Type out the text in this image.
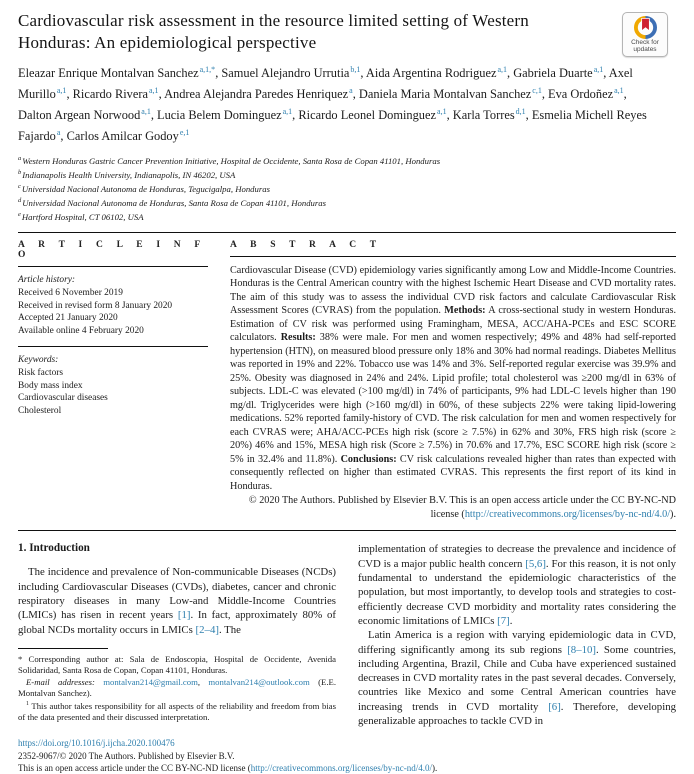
Cardiovascular risk assessment in the resource limited setting of Western Honduras: An epidemiological perspective	Check for updates

Eleazar Enrique Montalvan Sanchez$^{a,1,*}$, Samuel Alejandro Urrutia$^{b,1}$, Aida Argentina Rodriguez$^{a,1}$, Gabriela Duarte$^{a,1}$, Axel Murillo$^{a,1}$, Ricardo Rivera$^{a,1}$, Andrea Alejandra Paredes Henriquez$^a$, Daniela Maria Montalvan Sanchez$^{c,1}$, Eva Ordoñez$^{a,1}$, Dalton Argean Norwood$^{a,1}$, Lucia Belem Dominguez$^{a,1}$, Ricardo Leonel Dominguez$^{a,1}$, Karla Torres$^{d,1}$, Esmelia Michell Reyes Fajardo$^a$, Carlos Amilcar Godoy$^{e,1}$

$^a$Western Honduras Gastric Cancer Prevention Initiative, Hospital de Occidente, Santa Rosa de Copan 41101, Honduras
$^b$Indianapolis Health University, Indianapolis, IN 46202, USA
$^c$Universidad Nacional Autonoma de Honduras, Tegucigalpa, Honduras
$^d$Universidad Nacional Autonoma de Honduras, Santa Rosa de Copan 41101, Honduras
$^e$Hartford Hospital, CT 06102, USA
A R T I C L E I N F O
Article history:
Received 6 November 2019
Received in revised form 8 January 2020
Accepted 21 January 2020
Available online 4 February 2020
Keywords:
Risk factors
Body mass index
Cardiovascular diseases
Cholesterol
A B S T R A C T

Cardiovascular Disease (CVD) epidemiology varies significantly among Low and Middle-Income Countries. Honduras is the Central American country with the highest Ischemic Heart Disease and CVD mortality rates. The aim of this study was to assess the individual CVD risk factors and calculate Cardiovascular Risk Assessment Scores (CVRAS) from the population. Methods: A cross-sectional study in western Honduras. Estimation of CV risk was performed using Framingham, MESA, ACC/AHA-PCEs and ESC SCORE calculators. Results: 38% were male. For men and women respectively; 49% and 48% had self-reported hypertension (HTN), on measured blood pressure only 18% and 30% had normal readings. Diabetes Mellitus was reported in 19% and 22%. Tobacco use was 14% and 3%. Self-reported regular exercise was 39.9% and 25%. Obesity was diagnosed in 24% and 24%. Lipid profile; total cholesterol was ≥200 mg/dl in 63% of subjects. LDL-C was elevated (>100 mg/dl) in 74% of participants, 9% had LDL-C levels higher than 190 mg/dl. Triglycerides were high (>160 mg/dl) in 60%, of these subjects 22% were taking lipid-lowering medications. 52% reported family-history of CVD. The risk calculation for men and women respectively for each CVRAS were; AHA/ACC-PCEs high risk (score ≥ 7.5%) in 62% and 30%, FRS high risk (score ≥ 20%) 46% and 15%, MESA high risk (Score ≥ 7.5%) in 70.6% and 17.7%, ESC SCORE high risk (score ≥ 5% in 32.4% and 11.8%). Conclusions: CV risk calculations revealed higher than rates than expected with consequently reflected on higher than estimated CVRAS. This represents the first report of its kind in Honduras.

© 2020 The Authors. Published by Elsevier B.V. This is an open access article under the CC BY-NC-ND license (http://creativecommons.org/licenses/by-nc-nd/4.0/).

1. Introduction

The incidence and prevalence of Non-communicable Diseases (NCDs) including Cardiovascular Diseases (CVDs), diabetes, cancer and chronic respiratory diseases in many Low-and Middle-Income Countries (LMICs) has risen in recent years [1]. In fact, approximately 80% of global NCDs mortality occurs in LMICs [2–4]. The

* Corresponding author at: Sala de Endoscopia, Hospital de Occidente, Avenida Solidaridad, Santa Rosa de Copan, Copan 41101, Honduras.

E-mail addresses: montalvan214@gmail.com, montalvan214@outlook.com (E.E. Montalvan Sanchez).

$^1$ This author takes responsibility for all aspects of the reliability and freedom from bias of the data presented and their discussed interpretation.

implementation of strategies to decrease the prevalence and incidence of CVD is a major public health concern [5,6]. For this reason, it is not only fundamental to understand the epidemiologic characteristics of the population, but most importantly, to develop tools and strategies to cost-efficiently decrease CVD morbidity and mortality rates considering the economic limitations of LMICs [7].

Latin America is a region with varying epidemiologic data in CVD, differing significantly among its sub regions [8–10]. Some countries, including Argentina, Brazil, Chile and Cuba have experienced sustained decreases in CVD mortality rates in the past several decades. Conversely, countries like Mexico and some Central American countries have increasing trends in CVD mortality [6]. Therefore, developing generalizable approaches to tackle CVD in

https://doi.org/10.1016/j.ijcha.2020.100476
2352-9067/© 2020 The Authors. Published by Elsevier B.V.
This is an open access article under the CC BY-NC-ND license (http://creativecommons.org/licenses/by-nc-nd/4.0/).
